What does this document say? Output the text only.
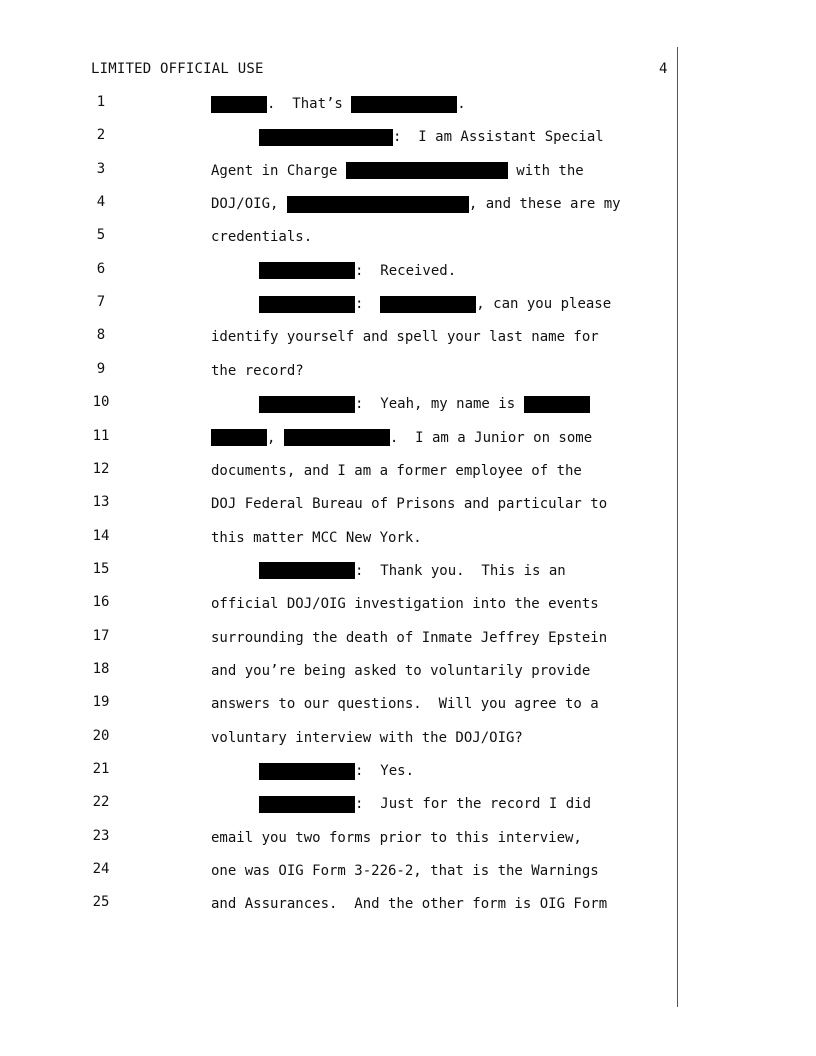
LIMITED OFFICIAL USE	4
1	.  That’s	.
2	:  I am Assistant Special
3	Agent in Charge	with the
4	DOJ/OIG,	, and these are my
5	credentials.
6	:  Received.
7	:	, can you please
8	identify yourself and spell your last name for
9	the record?
10	:  Yeah, my name is
11	,	.  I am a Junior on some
12	documents, and I am a former employee of the
13	DOJ Federal Bureau of Prisons and particular to
14	this matter MCC New York.
15	:  Thank you.  This is an
16	official DOJ/OIG investigation into the events
17	surrounding the death of Inmate Jeffrey Epstein
18	and you’re being asked to voluntarily provide
19	answers to our questions.  Will you agree to a
20	voluntary interview with the DOJ/OIG?
21	:  Yes.
22	:  Just for the record I did
23	email you two forms prior to this interview,
24	one was OIG Form 3-226-2, that is the Warnings
25	and Assurances.  And the other form is OIG Form
